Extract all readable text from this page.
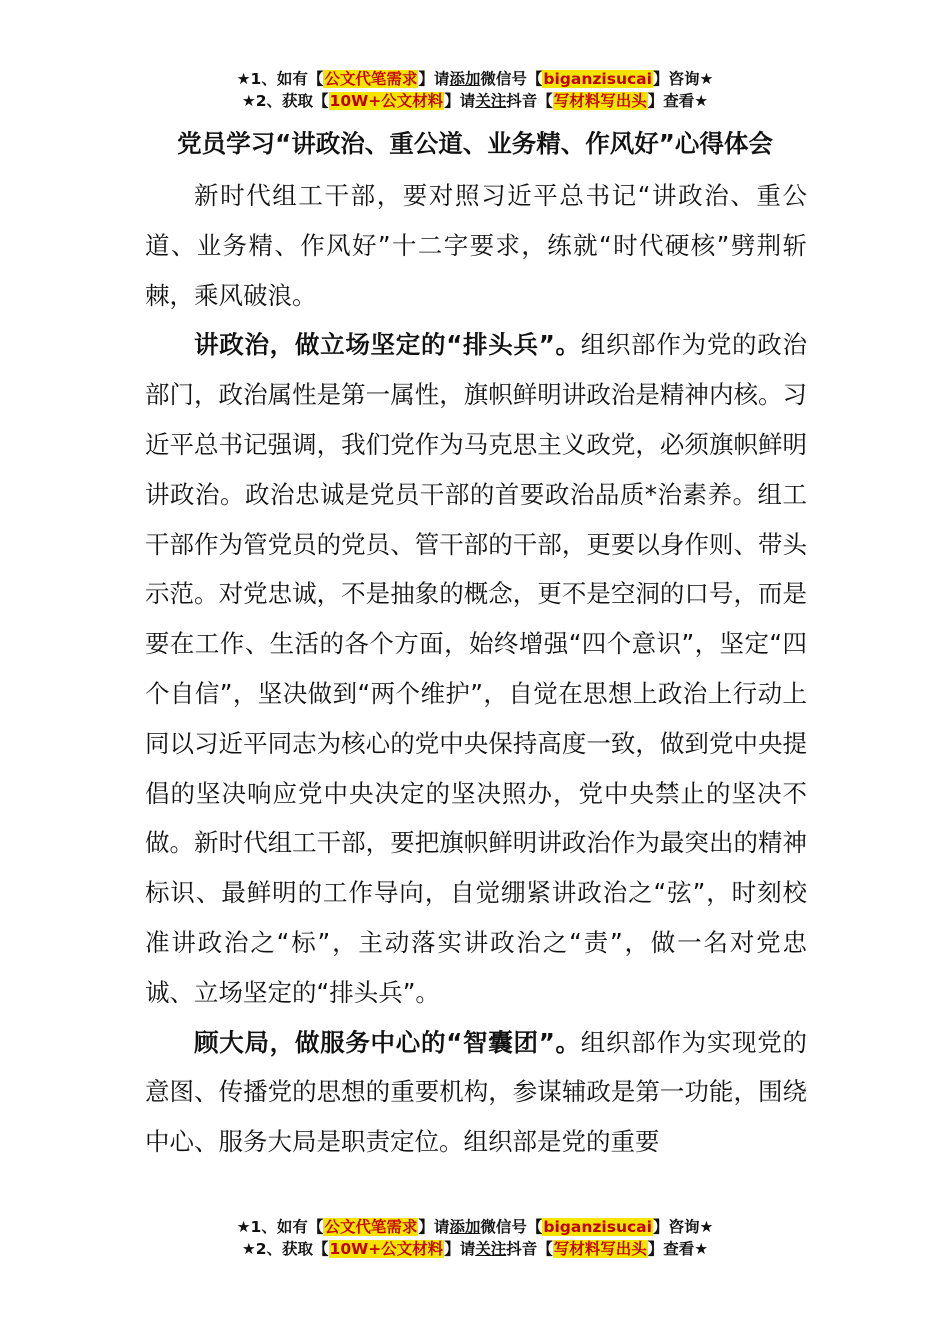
★1、如有【公文代笔需求】请添加微信号【biganzisucai】咨询★
★2、获取【10W+公文材料】请关注抖音【写材料写出头】查看★
党员学习“讲政治、重公道、业务精、作风好”心得体会

新时代组工干部，要对照习近平总书记“讲政治、重公道、业务精、作风好”十二字要求，练就“时代硬核”劈荆斩棘，乘风破浪。

讲政治，做立场坚定的“排头兵”。组织部作为党的政治部门，政治属性是第一属性，旗帜鲜明讲政治是精神内核。习近平总书记强调，我们党作为马克思主义政党，必须旗帜鲜明讲政治。政治忠诚是党员干部的首要政治品质*治素养。组工干部作为管党员的党员、管干部的干部，更要以身作则、带头示范。对党忠诚，不是抽象的概念，更不是空洞的口号，而是要在工作、生活的各个方面，始终增强“四个意识”，坚定“四个自信”，坚决做到“两个维护”，自觉在思想上政治上行动上同以习近平同志为核心的党中央保持高度一致，做到党中央提倡的坚决响应党中央决定的坚决照办，党中央禁止的坚决不做。新时代组工干部，要把旗帜鲜明讲政治作为最突出的精神标识、最鲜明的工作导向，自觉绷紧讲政治之“弦”，时刻校准讲政治之“标”，主动落实讲政治之“责”，做一名对党忠诚、立场坚定的“排头兵”。

顾大局，做服务中心的“智囊团”。组织部作为实现党的意图、传播党的思想的重要机构，参谋辅政是第一功能，围绕中心、服务大局是职责定位。组织部是党的重要

★1、如有【公文代笔需求】请添加微信号【biganzisucai】咨询★
★2、获取【10W+公文材料】请关注抖音【写材料写出头】查看★
